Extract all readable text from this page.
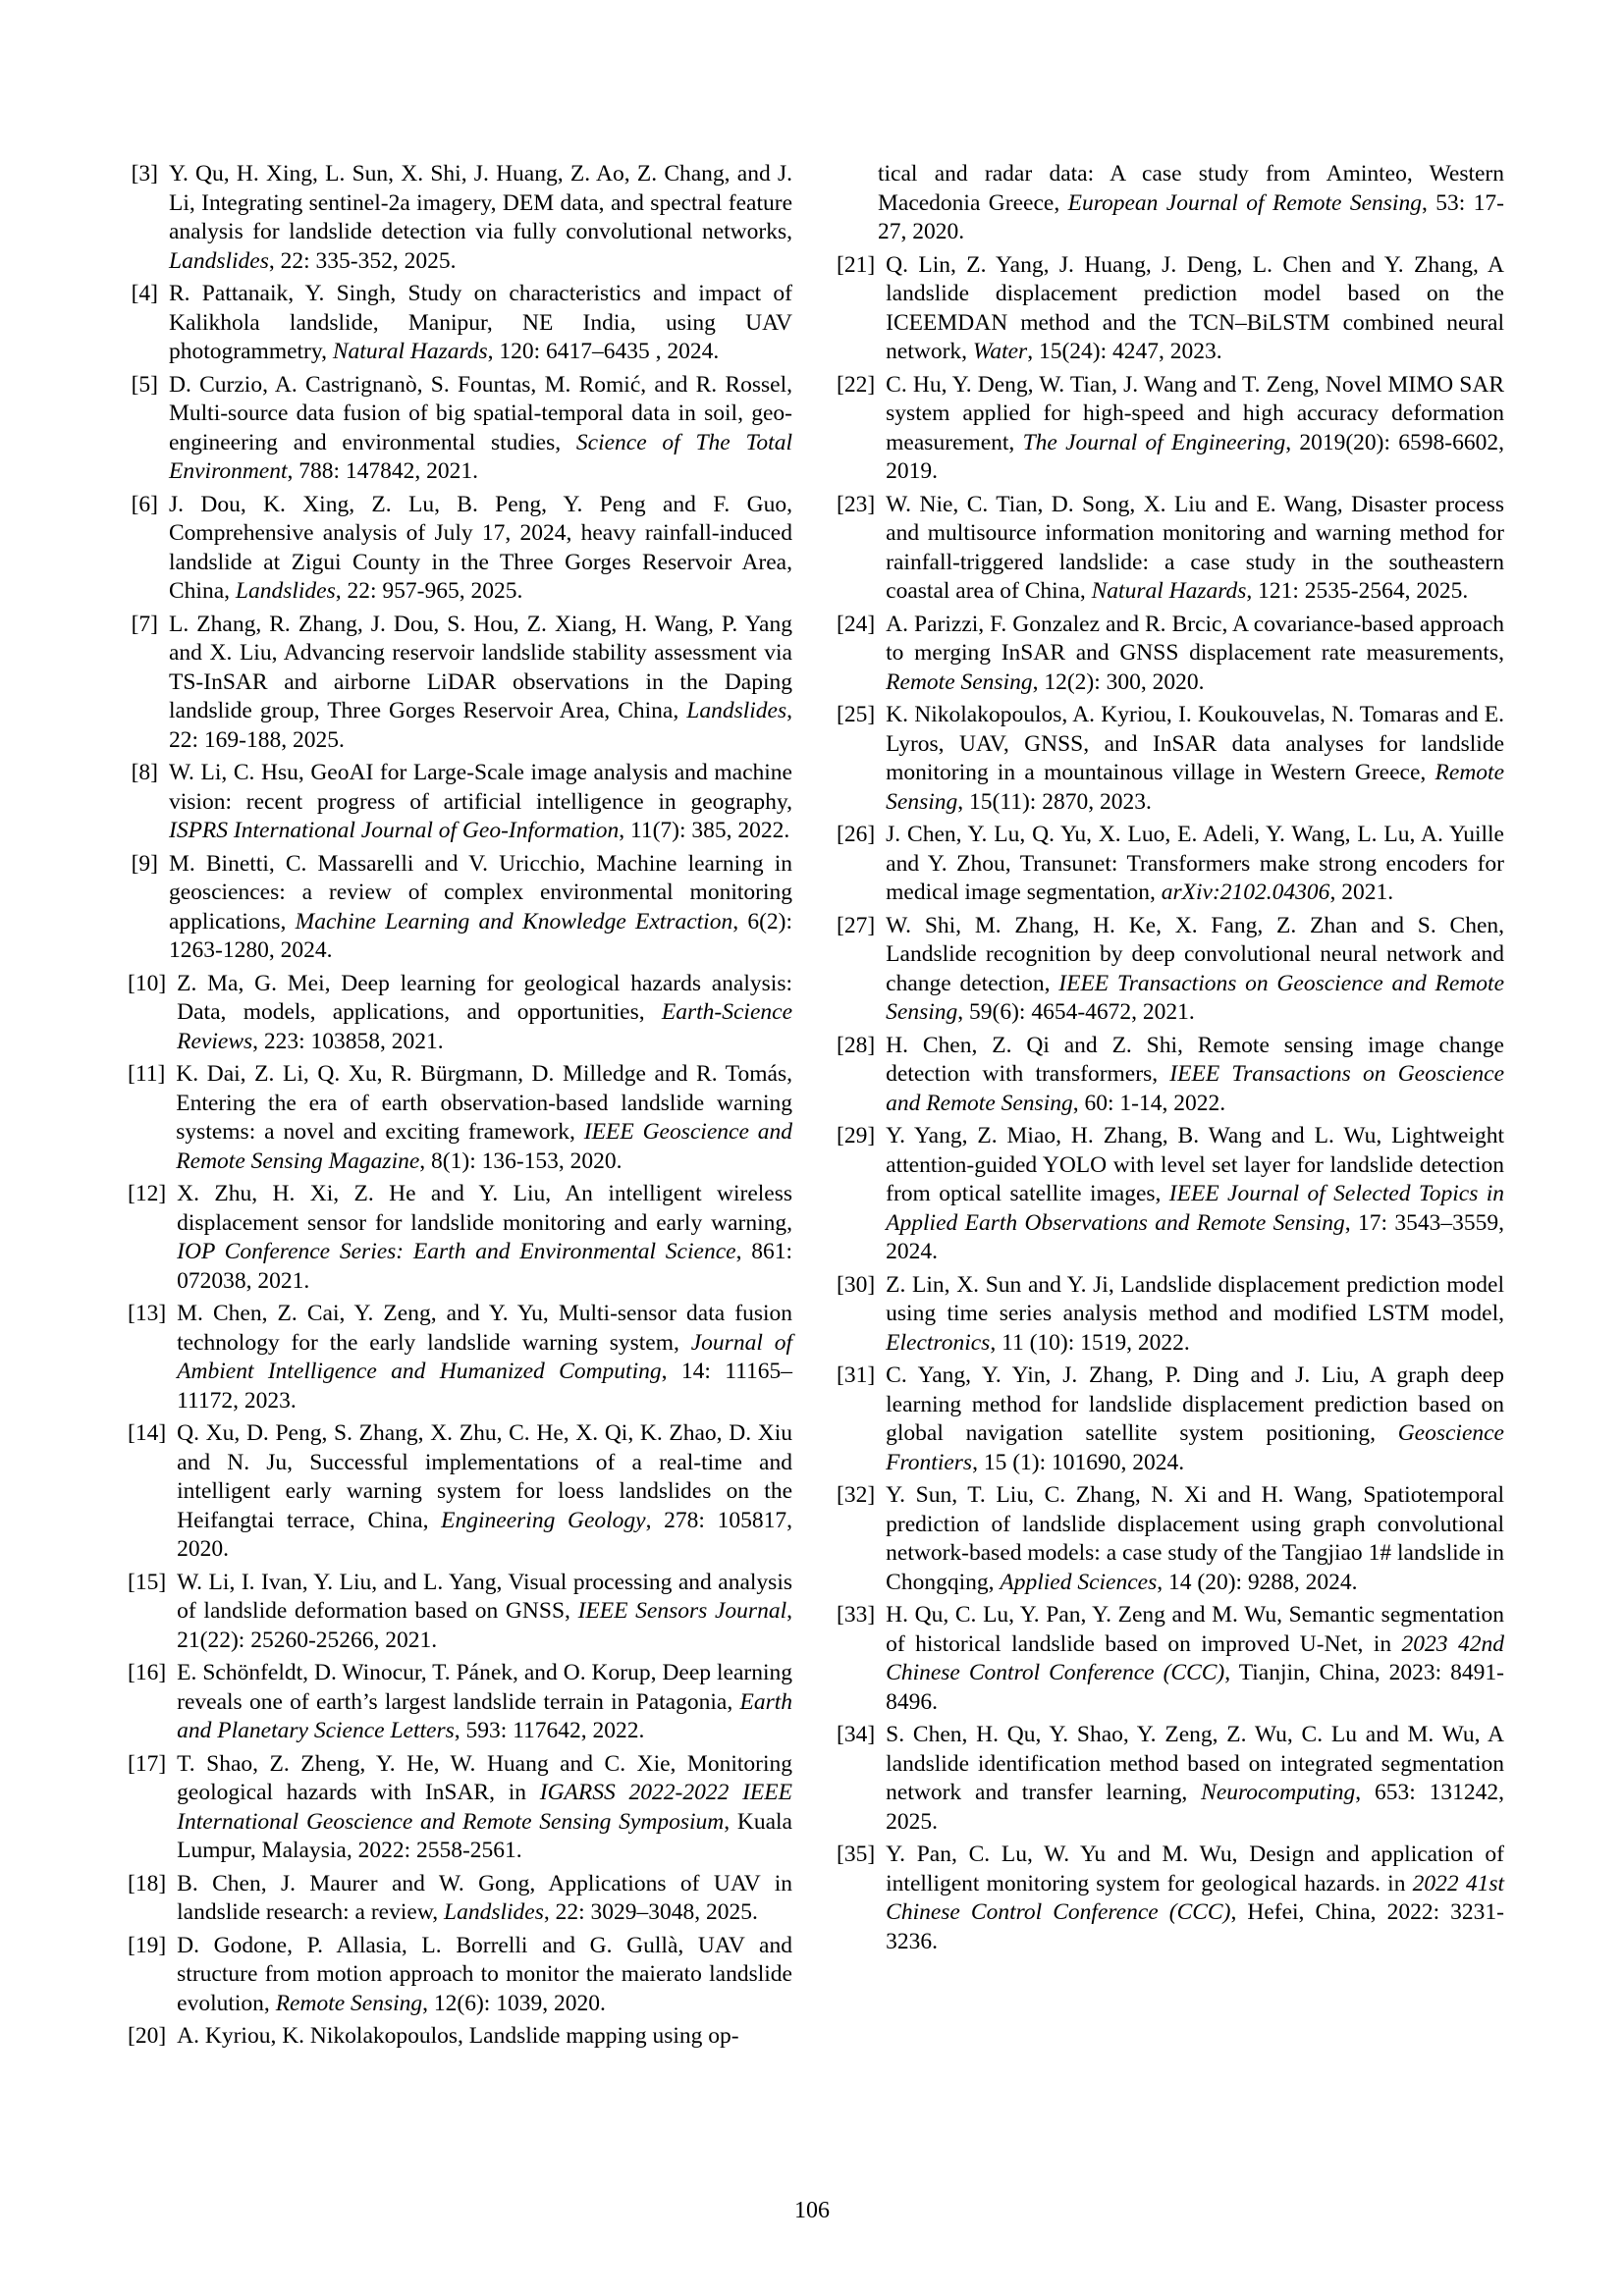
[3] Y. Qu, H. Xing, L. Sun, X. Shi, J. Huang, Z. Ao, Z. Chang, and J. Li, Integrating sentinel-2a imagery, DEM data, and spectral feature analysis for landslide detection via fully convolutional networks, Landslides, 22: 335-352, 2025.
[4] R. Pattanaik, Y. Singh, Study on characteristics and impact of Kalikhola landslide, Manipur, NE India, using UAV photogrammetry, Natural Hazards, 120: 6417–6435 , 2024.
[5] D. Curzio, A. Castrignanò, S. Fountas, M. Romić, and R. Rossel, Multi-source data fusion of big spatial-temporal data in soil, geo-engineering and environmental studies, Science of The Total Environment, 788: 147842, 2021.
[6] J. Dou, K. Xing, Z. Lu, B. Peng, Y. Peng and F. Guo, Comprehensive analysis of July 17, 2024, heavy rainfall-induced landslide at Zigui County in the Three Gorges Reservoir Area, China, Landslides, 22: 957-965, 2025.
[7] L. Zhang, R. Zhang, J. Dou, S. Hou, Z. Xiang, H. Wang, P. Yang and X. Liu, Advancing reservoir landslide stability assessment via TS-InSAR and airborne LiDAR observations in the Daping landslide group, Three Gorges Reservoir Area, China, Landslides, 22: 169-188, 2025.
[8] W. Li, C. Hsu, GeoAI for Large-Scale image analysis and machine vision: recent progress of artificial intelligence in geography, ISPRS International Journal of Geo-Information, 11(7): 385, 2022.
[9] M. Binetti, C. Massarelli and V. Uricchio, Machine learning in geosciences: a review of complex environmental monitoring applications, Machine Learning and Knowledge Extraction, 6(2): 1263-1280, 2024.
[10] Z. Ma, G. Mei, Deep learning for geological hazards analysis: Data, models, applications, and opportunities, Earth-Science Reviews, 223: 103858, 2021.
[11] K. Dai, Z. Li, Q. Xu, R. Bürgmann, D. Milledge and R. Tomás, Entering the era of earth observation-based landslide warning systems: a novel and exciting framework, IEEE Geoscience and Remote Sensing Magazine, 8(1): 136-153, 2020.
[12] X. Zhu, H. Xi, Z. He and Y. Liu, An intelligent wireless displacement sensor for landslide monitoring and early warning, IOP Conference Series: Earth and Environmental Science, 861: 072038, 2021.
[13] M. Chen, Z. Cai, Y. Zeng, and Y. Yu, Multi-sensor data fusion technology for the early landslide warning system, Journal of Ambient Intelligence and Humanized Computing, 14: 11165–11172, 2023.
[14] Q. Xu, D. Peng, S. Zhang, X. Zhu, C. He, X. Qi, K. Zhao, D. Xiu and N. Ju, Successful implementations of a real-time and intelligent early warning system for loess landslides on the Heifangtai terrace, China, Engineering Geology, 278: 105817, 2020.
[15] W. Li, I. Ivan, Y. Liu, and L. Yang, Visual processing and analysis of landslide deformation based on GNSS, IEEE Sensors Journal, 21(22): 25260-25266, 2021.
[16] E. Schönfeldt, D. Winocur, T. Pánek, and O. Korup, Deep learning reveals one of earth’s largest landslide terrain in Patagonia, Earth and Planetary Science Letters, 593: 117642, 2022.
[17] T. Shao, Z. Zheng, Y. He, W. Huang and C. Xie, Monitoring geological hazards with InSAR, in IGARSS 2022-2022 IEEE International Geoscience and Remote Sensing Symposium, Kuala Lumpur, Malaysia, 2022: 2558-2561.
[18] B. Chen, J. Maurer and W. Gong, Applications of UAV in landslide research: a review, Landslides, 22: 3029–3048, 2025.
[19] D. Godone, P. Allasia, L. Borrelli and G. Gullà, UAV and structure from motion approach to monitor the maierato landslide evolution, Remote Sensing, 12(6): 1039, 2020.
[20] A. Kyriou, K. Nikolakopoulos, Landslide mapping using op-
tical and radar data: A case study from Aminteo, Western Macedonia Greece, European Journal of Remote Sensing, 53: 17-27, 2020.
[21] Q. Lin, Z. Yang, J. Huang, J. Deng, L. Chen and Y. Zhang, A landslide displacement prediction model based on the ICEEMDAN method and the TCN–BiLSTM combined neural network, Water, 15(24): 4247, 2023.
[22] C. Hu, Y. Deng, W. Tian, J. Wang and T. Zeng, Novel MIMO SAR system applied for high-speed and high accuracy deformation measurement, The Journal of Engineering, 2019(20): 6598-6602, 2019.
[23] W. Nie, C. Tian, D. Song, X. Liu and E. Wang, Disaster process and multisource information monitoring and warning method for rainfall-triggered landslide: a case study in the southeastern coastal area of China, Natural Hazards, 121: 2535-2564, 2025.
[24] A. Parizzi, F. Gonzalez and R. Brcic, A covariance-based approach to merging InSAR and GNSS displacement rate measurements, Remote Sensing, 12(2): 300, 2020.
[25] K. Nikolakopoulos, A. Kyriou, I. Koukouvelas, N. Tomaras and E. Lyros, UAV, GNSS, and InSAR data analyses for landslide monitoring in a mountainous village in Western Greece, Remote Sensing, 15(11): 2870, 2023.
[26] J. Chen, Y. Lu, Q. Yu, X. Luo, E. Adeli, Y. Wang, L. Lu, A. Yuille and Y. Zhou, Transunet: Transformers make strong encoders for medical image segmentation, arXiv:2102.04306, 2021.
[27] W. Shi, M. Zhang, H. Ke, X. Fang, Z. Zhan and S. Chen, Landslide recognition by deep convolutional neural network and change detection, IEEE Transactions on Geoscience and Remote Sensing, 59(6): 4654-4672, 2021.
[28] H. Chen, Z. Qi and Z. Shi, Remote sensing image change detection with transformers, IEEE Transactions on Geoscience and Remote Sensing, 60: 1-14, 2022.
[29] Y. Yang, Z. Miao, H. Zhang, B. Wang and L. Wu, Lightweight attention-guided YOLO with level set layer for landslide detection from optical satellite images, IEEE Journal of Selected Topics in Applied Earth Observations and Remote Sensing, 17: 3543–3559, 2024.
[30] Z. Lin, X. Sun and Y. Ji, Landslide displacement prediction model using time series analysis method and modified LSTM model, Electronics, 11 (10): 1519, 2022.
[31] C. Yang, Y. Yin, J. Zhang, P. Ding and J. Liu, A graph deep learning method for landslide displacement prediction based on global navigation satellite system positioning, Geoscience Frontiers, 15 (1): 101690, 2024.
[32] Y. Sun, T. Liu, C. Zhang, N. Xi and H. Wang, Spatiotemporal prediction of landslide displacement using graph convolutional network-based models: a case study of the Tangjiao 1# landslide in Chongqing, Applied Sciences, 14 (20): 9288, 2024.
[33] H. Qu, C. Lu, Y. Pan, Y. Zeng and M. Wu, Semantic segmentation of historical landslide based on improved U-Net, in 2023 42nd Chinese Control Conference (CCC), Tianjin, China, 2023: 8491-8496.
[34] S. Chen, H. Qu, Y. Shao, Y. Zeng, Z. Wu, C. Lu and M. Wu, A landslide identification method based on integrated segmentation network and transfer learning, Neurocomputing, 653: 131242, 2025.
[35] Y. Pan, C. Lu, W. Yu and M. Wu, Design and application of intelligent monitoring system for geological hazards. in 2022 41st Chinese Control Conference (CCC), Hefei, China, 2022: 3231-3236.
106
